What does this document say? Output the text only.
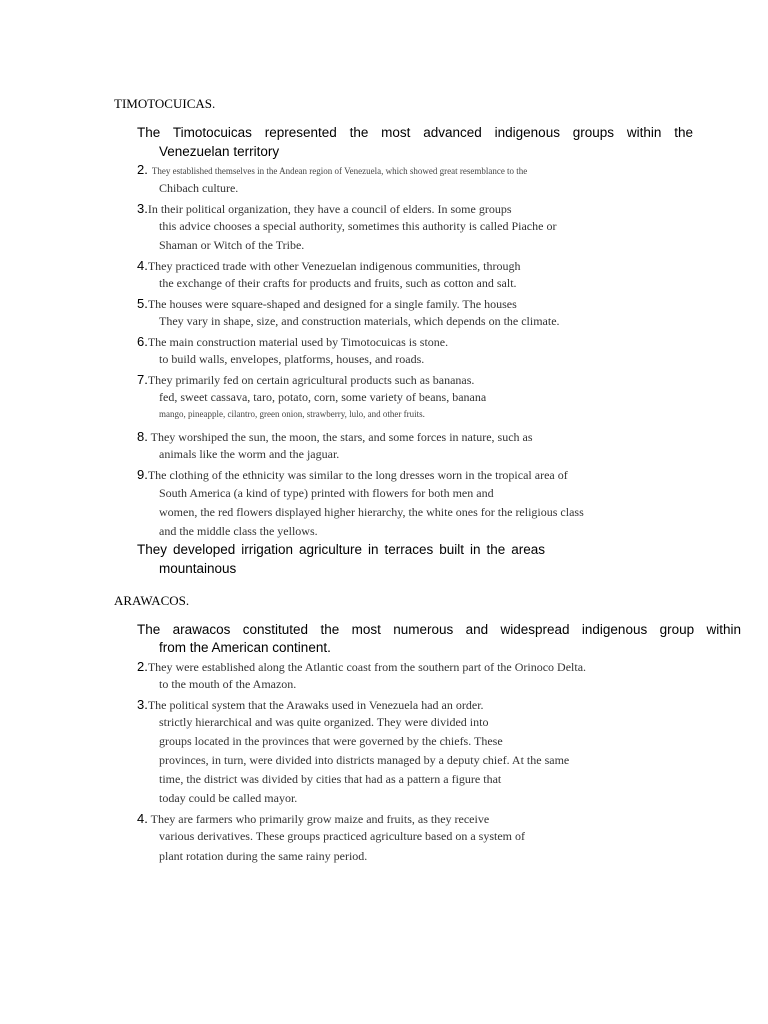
TIMOTOCUICAS.
The Timotocuicas represented the most advanced indigenous groups within the
Venezuelan territory
2. They established themselves in the Andean region of Venezuela, which showed great resemblance to the
Chibach culture.
3.In their political organization, they have a council of elders. In some groups
this advice chooses a special authority, sometimes this authority is called Piache or
Shaman or Witch of the Tribe.
4.They practiced trade with other Venezuelan indigenous communities, through
the exchange of their crafts for products and fruits, such as cotton and salt.
5.The houses were square-shaped and designed for a single family. The houses
They vary in shape, size, and construction materials, which depends on the climate.
6.The main construction material used by Timotocuicas is stone.
to build walls, envelopes, platforms, houses, and roads.
7.They primarily fed on certain agricultural products such as bananas.
fed, sweet cassava, taro, potato, corn, some variety of beans, banana
mango, pineapple, cilantro, green onion, strawberry, lulo, and other fruits.
8. They worshiped the sun, the moon, the stars, and some forces in nature, such as
animals like the worm and the jaguar.
9.The clothing of the ethnicity was similar to the long dresses worn in the tropical area of
South America (a kind of type) printed with flowers for both men and
women, the red flowers displayed higher hierarchy, the white ones for the religious class
and the middle class the yellows.
They developed irrigation agriculture in terraces built in the areas
mountainous
ARAWACOS.
The arawacos constituted the most numerous and widespread indigenous group within
from the American continent.
2.They were established along the Atlantic coast from the southern part of the Orinoco Delta.
to the mouth of the Amazon.
3.The political system that the Arawaks used in Venezuela had an order.
strictly hierarchical and was quite organized. They were divided into
groups located in the provinces that were governed by the chiefs. These
provinces, in turn, were divided into districts managed by a deputy chief. At the same
time, the district was divided by cities that had as a pattern a figure that
today could be called mayor.
4. They are farmers who primarily grow maize and fruits, as they receive
various derivatives. These groups practiced agriculture based on a system of
plant rotation during the same rainy period.
